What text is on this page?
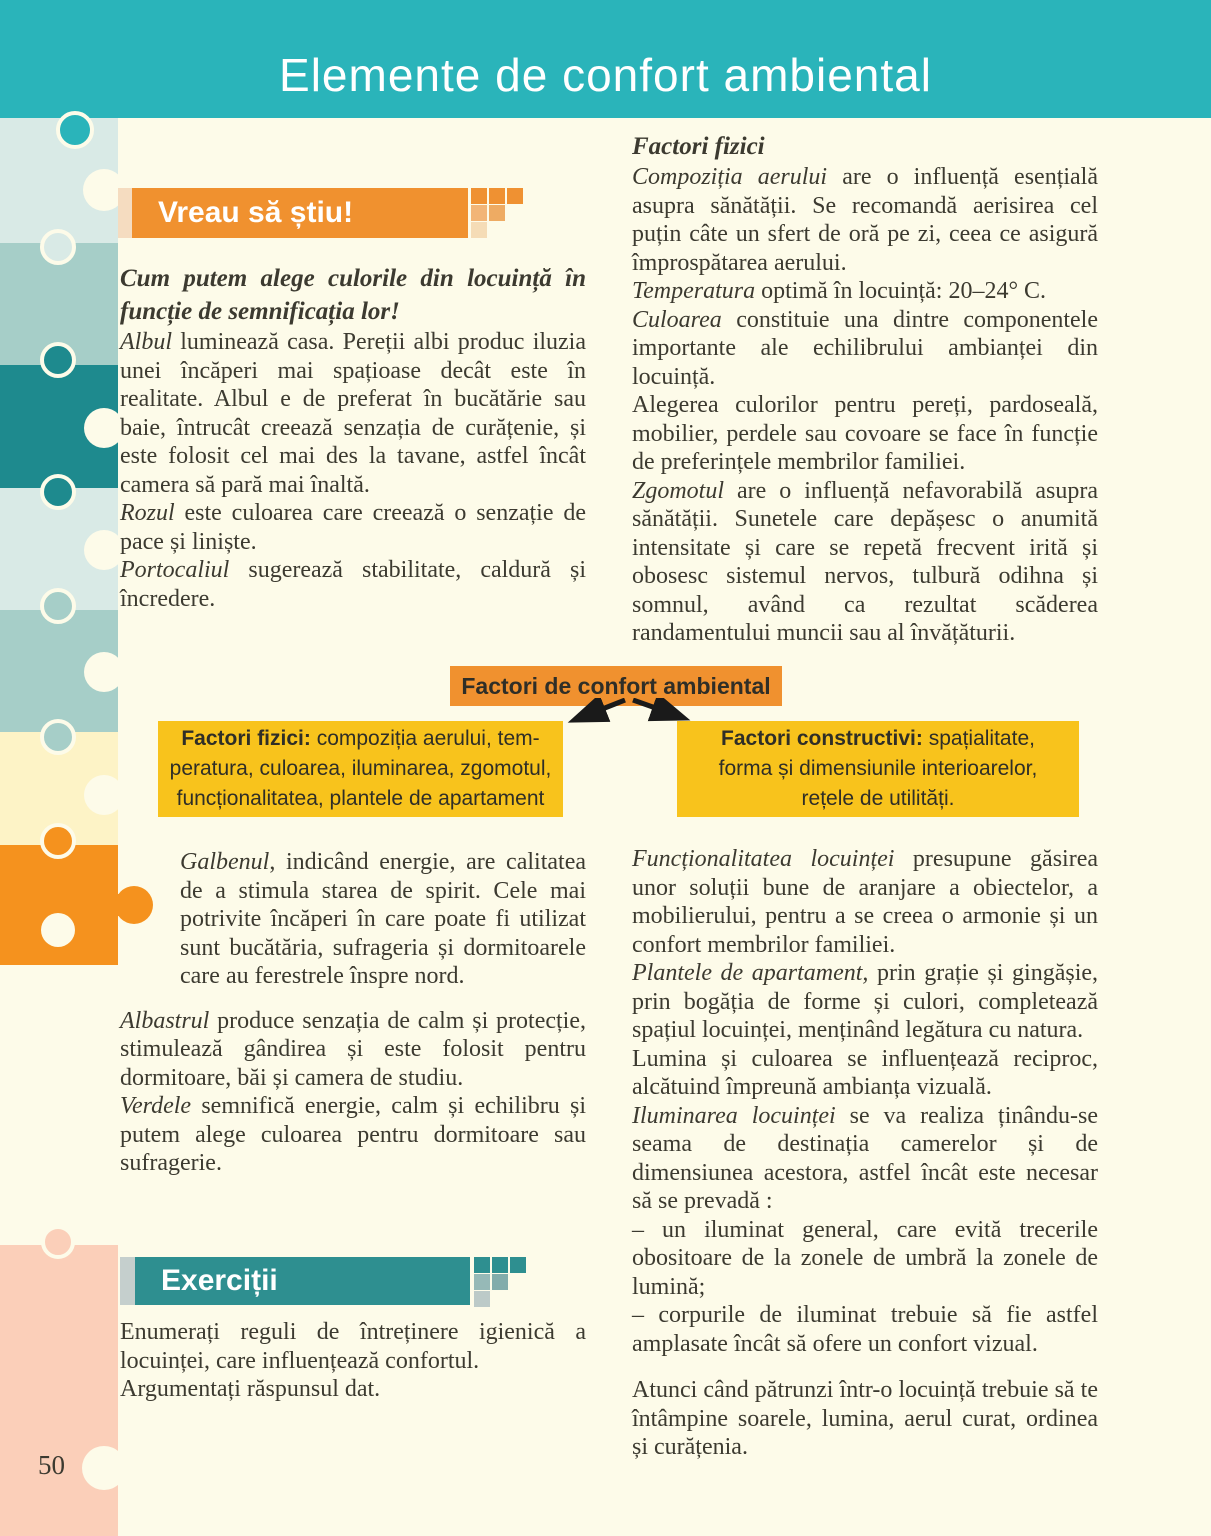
Elemente de confort ambiental
50
Vreau să știu!

Cum putem alege culorile din locuință în funcție de semnificația lor!

Albul luminează casa. Pereții albi produc iluzia unei încăperi mai spațioase decât este în realitate. Albul e de preferat în bucătărie sau baie, întrucât creează senzația de curățenie, și este folosit cel mai des la tavane, astfel încât camera să pară mai înaltă.

Rozul este culoarea care creează o senzație de pace și liniște.

Portocaliul sugerează stabilitate, caldură și încredere.

Factori fizici

Compoziția aerului are o influență esențială asupra sănătății. Se recomandă aerisirea cel puțin câte un sfert de oră pe zi, ceea ce asigură împrospătarea aerului.

Temperatura optimă în locuință: 20–24° C.

Culoarea constituie una dintre componentele importante ale echilibrului ambianței din locuință.

Alegerea culorilor pentru pereți, pardoseală, mobilier, perdele sau covoare se face în funcție de preferințele membrilor familiei.

Zgomotul are o influență nefavorabilă asupra sănătății. Sunetele care depășesc o anumită intensitate și care se repetă frecvent irită și obosesc sistemul nervos, tulbură odihna și somnul, având ca rezultat scăderea randamentului muncii sau al învățăturii.

Factori de confort ambiental
Factori fizici: compoziția aerului, tem-
peratura, culoarea, iluminarea, zgomotul,
funcționalitatea, plantele de apartament
Factori constructivi: spațialitate,
forma și dimensiunile interioarelor,
rețele de utilități.

Galbenul, indicând energie, are calitatea de a stimula starea de spirit. Cele mai potrivite încăperi în care poate fi utilizat sunt bucătăria, sufrageria și dormitoarele care au ferestrele înspre nord.

Albastrul produce senzația de calm și protecție, stimulează gândirea și este folosit pentru dormitoare, băi și camera de studiu.

Verdele semnifică energie, calm și echilibru și putem alege culoarea pentru dormitoare sau sufragerie.

Funcționalitatea locuinței presupune găsirea unor soluții bune de aranjare a obiectelor, a mobilierului, pentru a se creea o armonie și un confort membrilor familiei.

Plantele de apartament, prin grație și gingășie, prin bogăția de forme și culori, completează spațiul locuinței, menținând legătura cu natura.

Lumina și culoarea se influențează reciproc, alcătuind împreună ambianța vizuală.

Iluminarea locuinței se va realiza ținându-se seama de destinația camerelor și de dimensiunea acestora, astfel încât este necesar să se prevadă :

– un iluminat general, care evită trecerile obositoare de la zonele de umbră la zonele de lumină;

– corpurile de iluminat trebuie să fie astfel amplasate încât să ofere un confort vizual.

Atunci când pătrunzi într-o locuință trebuie să te întâmpine soarele, lumina, aerul curat, ordinea și curățenia.

Exerciții

Enumerați reguli de întreținere igienică a locuinței, care influențează confortul.

Argumentați răspunsul dat.
